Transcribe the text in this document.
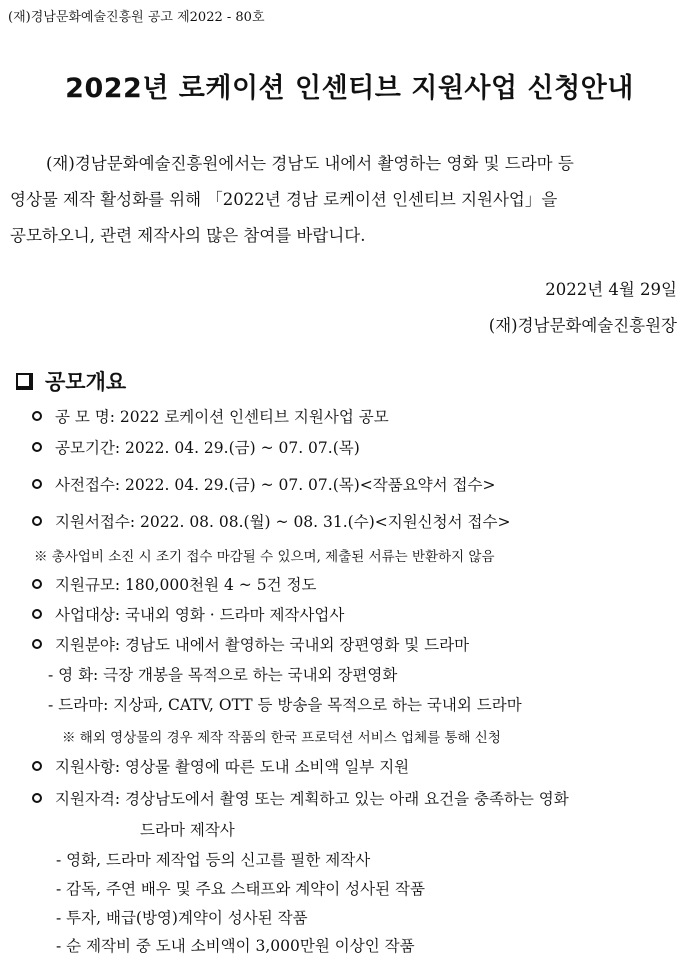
(재)경남문화예술진흥원 공고 제2022 - 80호
2022년 로케이션 인센티브 지원사업 신청안내
(재)경남문화예술진흥원에서는 경남도 내에서 촬영하는 영화 및 드라마 등
영상물 제작 활성화를 위해 「2022년 경남 로케이션 인센티브 지원사업」을
공모하오니, 관련 제작사의 많은 참여를 바랍니다.
2022년 4월 29일
(재)경남문화예술진흥원장
공모개요
공 모 명: 2022 로케이션 인센티브 지원사업 공모
공모기간: 2022. 04. 29.(금) ~ 07. 07.(목)
사전접수: 2022. 04. 29.(금) ~ 07. 07.(목)<작품요약서 접수>
지원서접수: 2022. 08. 08.(월) ~ 08. 31.(수)<지원신청서 접수>
※ 총사업비 소진 시 조기 접수 마감될 수 있으며, 제출된 서류는 반환하지 않음
지원규모: 180,000천원 4 ~ 5건 정도
사업대상: 국내외 영화 · 드라마 제작사업사
지원분야: 경남도 내에서 촬영하는 국내외 장편영화 및 드라마
- 영 화: 극장 개봉을 목적으로 하는 국내외 장편영화
- 드라마: 지상파, CATV, OTT 등 방송을 목적으로 하는 국내외 드라마
※ 해외 영상물의 경우 제작 작품의 한국 프로덕션 서비스 업체를 통해 신청
지원사항: 영상물 촬영에 따른 도내 소비액 일부 지원
지원자격: 경상남도에서 촬영 또는 계획하고 있는 아래 요건을 충족하는 영화
드라마 제작사
- 영화, 드라마 제작업 등의 신고를 필한 제작사
- 감독, 주연 배우 및 주요 스태프와 계약이 성사된 작품
- 투자, 배급(방영)계약이 성사된 작품
- 순 제작비 중 도내 소비액이 3,000만원 이상인 작품
